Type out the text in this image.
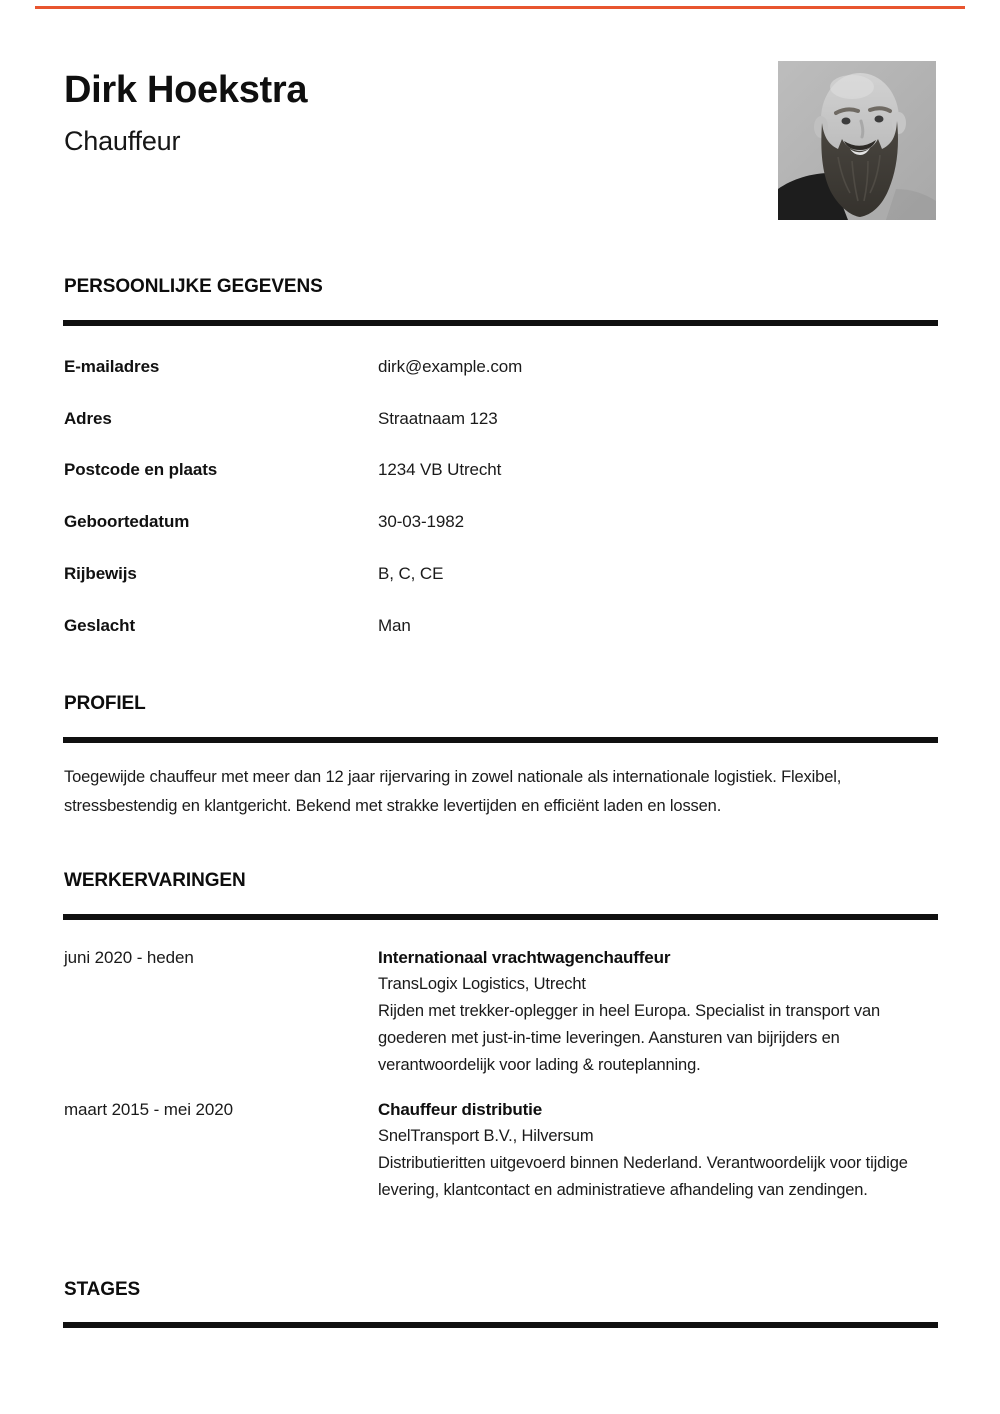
Dirk Hoekstra
Chauffeur
PERSOONLIJKE GEGEVENS
E-mailadres	dirk@example.com
Adres	Straatnaam 123
Postcode en plaats	1234 VB Utrecht
Geboortedatum	30-03-1982
Rijbewijs	B, C, CE
Geslacht	Man
PROFIEL
Toegewijde chauffeur met meer dan 12 jaar rijervaring in zowel nationale als internationale logistiek. Flexibel, stressbestendig en klantgericht. Bekend met strakke levertijden en efficiënt laden en lossen.
WERKERVARINGEN
juni 2020 - heden	Internationaal vrachtwagenchauffeur
TransLogix Logistics, Utrecht
Rijden met trekker-oplegger in heel Europa. Specialist in transport van goederen met just-in-time leveringen. Aansturen van bijrijders en verantwoordelijk voor lading & routeplanning.
maart 2015 - mei 2020	Chauffeur distributie
SnelTransport B.V., Hilversum
Distributieritten uitgevoerd binnen Nederland. Verantwoordelijk voor tijdige levering, klantcontact en administratieve afhandeling van zendingen.
STAGES
